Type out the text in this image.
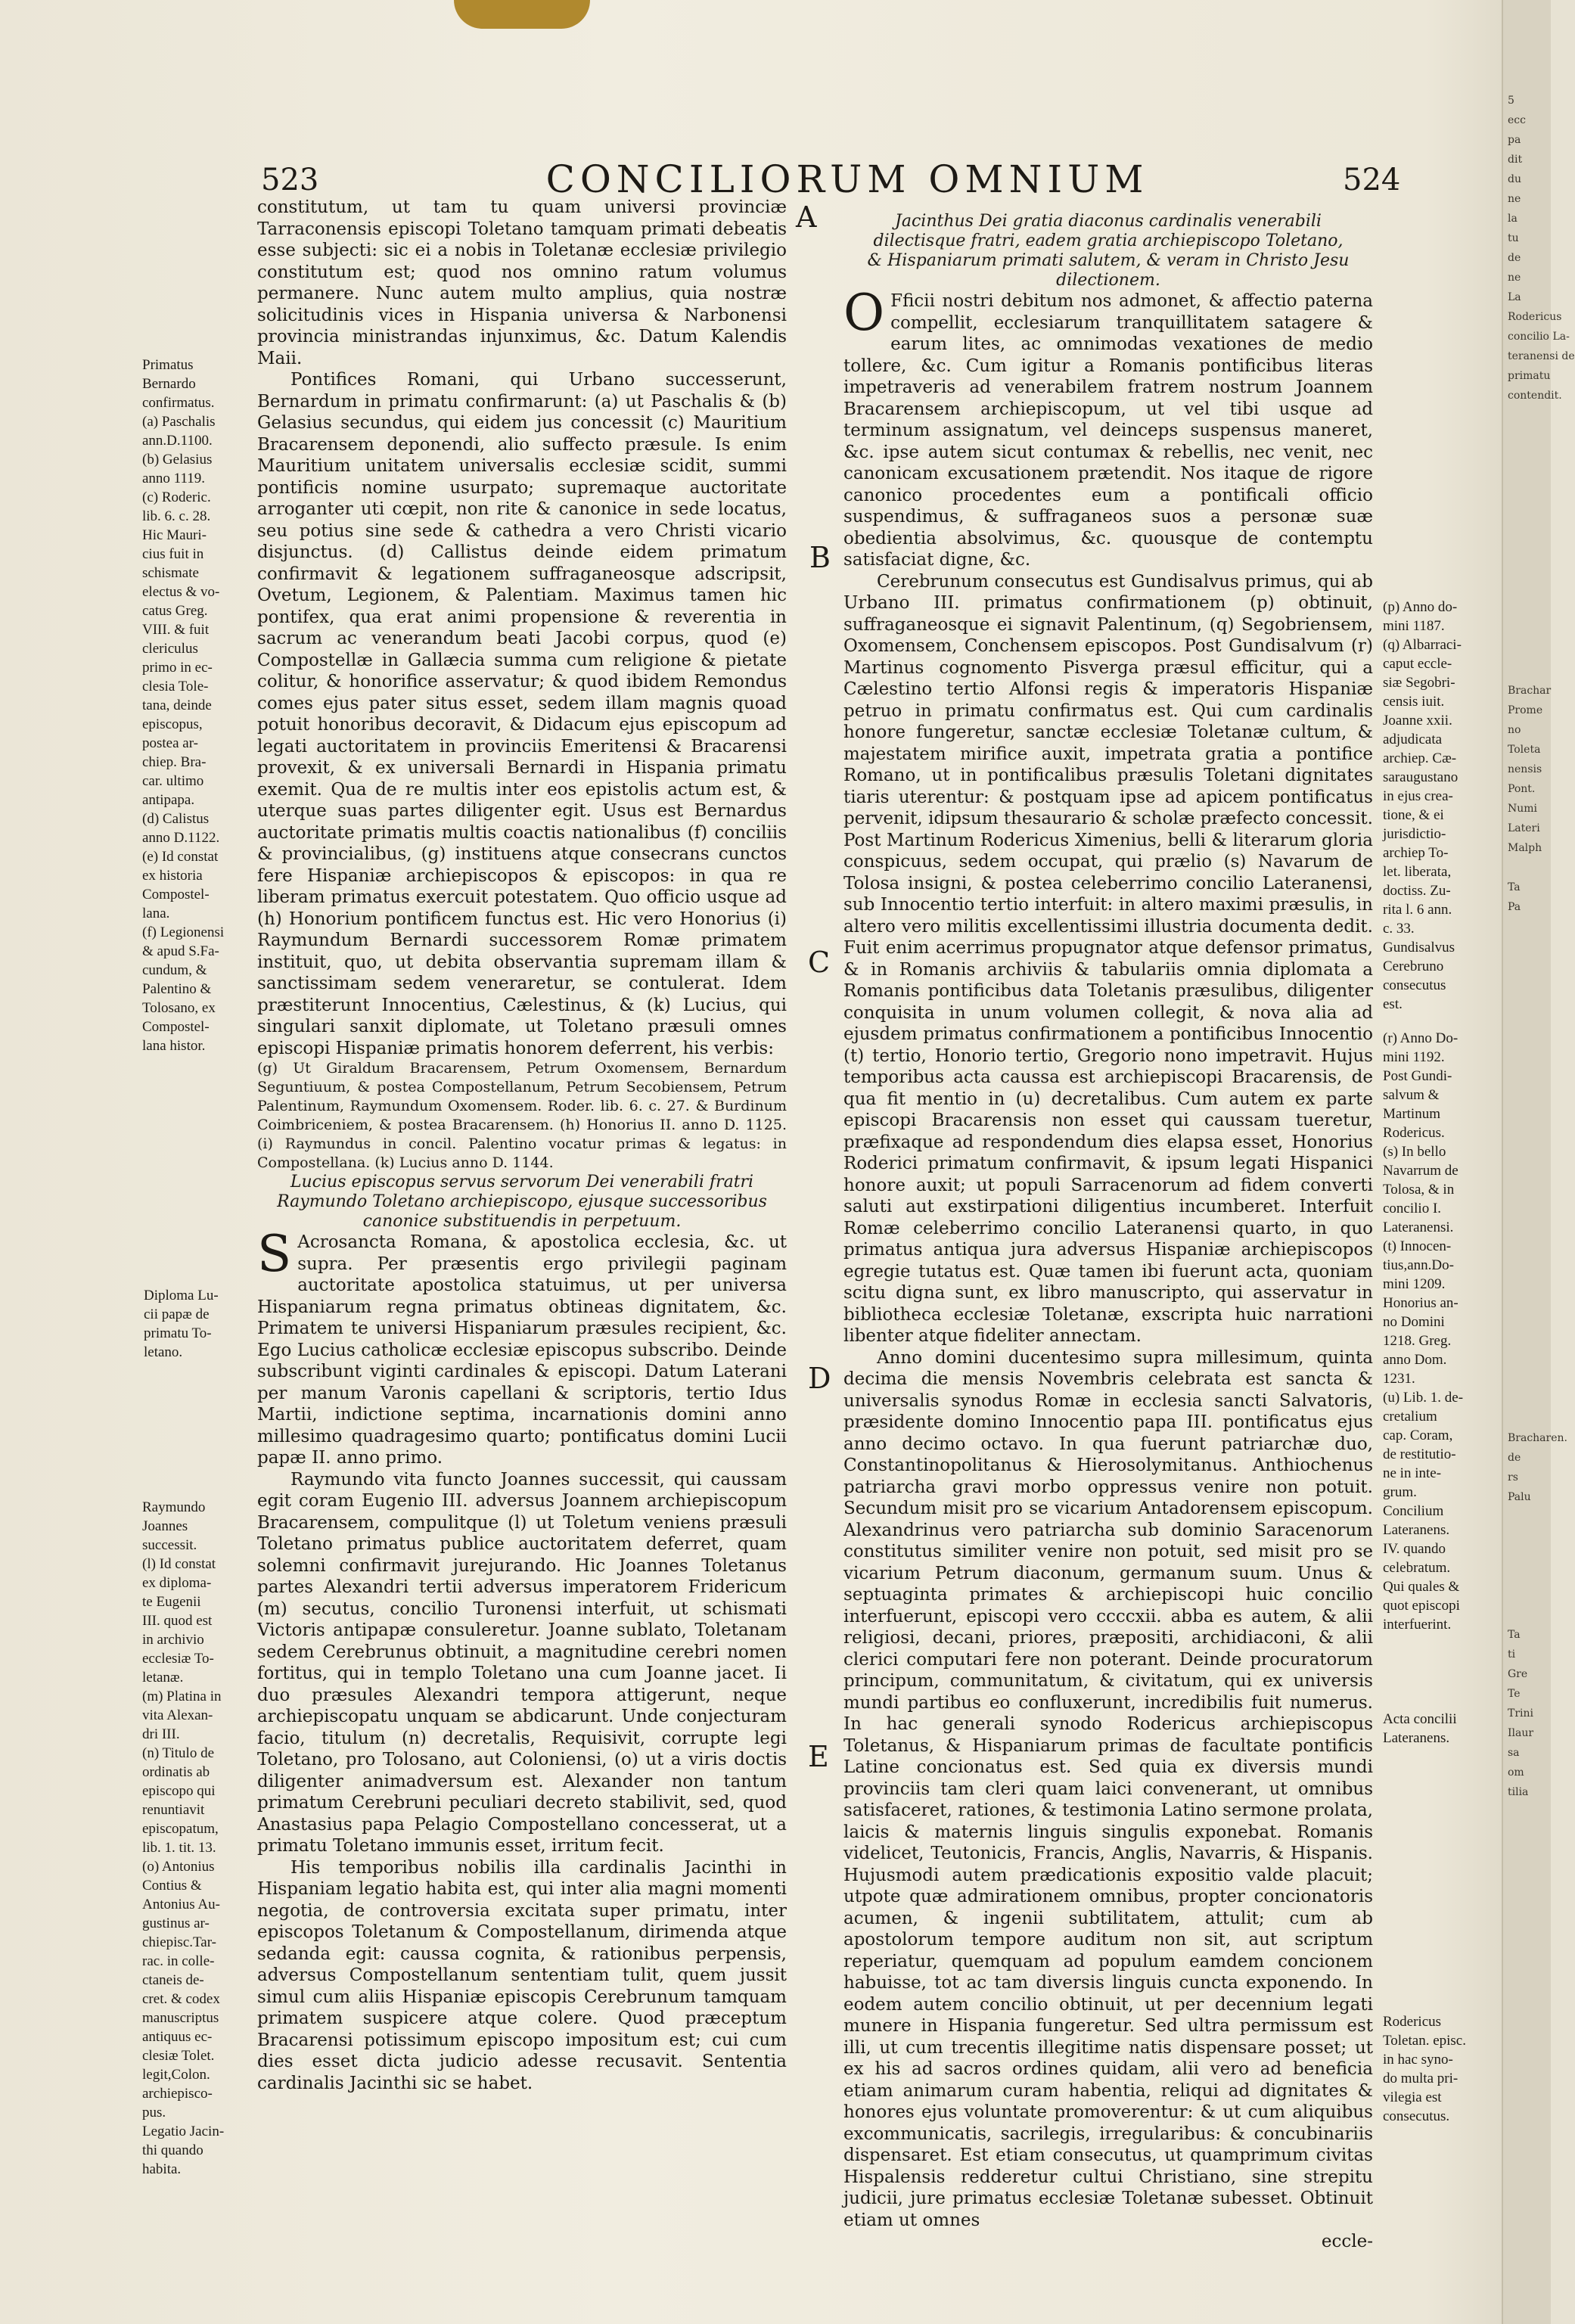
523	CONCILIORUM OMNIUM	524
A
B
C
D
E
Primatus
Bernardo
confirmatus.
(a) Paschalis
ann.D.1100.
(b) Gelasius
anno 1119.
(c) Roderic.
lib. 6. c. 28.
Hic Mauri-
cius fuit in
schismate
electus & vo-
catus Greg.
VIII. & fuit
clericulus
primo in ec-
clesia Tole-
tana, deinde
episcopus,
postea ar-
chiep. Bra-
car. ultimo
antipapa.
(d) Calistus
anno D.1122.
(e) Id constat
ex historia
Compostel-
lana.
(f) Legionensi
& apud S.Fa-
cundum, &
Palentino &
Tolosano, ex
Compostel-
lana histor.
Diploma Lu-
cii papæ de
primatu To-
letano.
Raymundo
Joannes
successit.
(l) Id constat
ex diploma-
te Eugenii
III. quod est
in archivio
ecclesiæ To-
letanæ.
(m) Platina in
vita Alexan-
dri III.
(n) Titulo de
ordinatis ab
episcopo qui
renuntiavit
episcopatum,
lib. 1. tit. 13.
(o) Antonius
Contius &
Antonius Au-
gustinus ar-
chiepisc.Tar-
rac. in colle-
ctaneis de-
cret. & codex
manuscriptus
antiquus ec-
clesiæ Tolet.
legit,Colon.
archiepisco-
pus.
Legatio Jacin-
thi quando
habita.

constitutum, ut tam tu quam universi provinciæ Tarraconensis episcopi Toletano tamquam primati debeatis esse subjecti: sic ei a nobis in Toletanæ ecclesiæ privilegio constitutum est; quod nos omnino ratum volumus permanere. Nunc autem multo amplius, quia nostræ solicitudinis vices in Hispania universa & Narbonensi provincia ministrandas injunximus, &c. Datum Kalendis Maii.

Pontifices Romani, qui Urbano successerunt, Bernardum in primatu confirmarunt: (a) ut Paschalis & (b) Gelasius secundus, qui eidem jus concessit (c) Mauritium Bracarensem deponendi, alio suffecto præsule. Is enim Mauritium unitatem universalis ecclesiæ scidit, summi pontificis nomine usurpato; supremaque auctoritate arroganter uti cœpit, non rite & canonice in sede locatus, seu potius sine sede & cathedra a vero Christi vicario disjunctus. (d) Callistus deinde eidem primatum confirmavit & legationem suffraganeosque adscripsit, Ovetum, Legionem, & Palentiam. Maximus tamen hic pontifex, qua erat animi propensione & reverentia in sacrum ac venerandum beati Jacobi corpus, quod (e) Compostellæ in Gallæcia summa cum religione & pietate colitur, & honorifice asservatur; & quod ibidem Remondus comes ejus pater situs esset, sedem illam magnis quoad potuit honoribus decoravit, & Didacum ejus episcopum ad legati auctoritatem in provinciis Emeritensi & Bracarensi provexit, & ex universali Bernardi in Hispania primatu exemit. Qua de re multis inter eos epistolis actum est, & uterque suas partes diligenter egit. Usus est Bernardus auctoritate primatis multis coactis nationalibus (f) conciliis & provincialibus, (g) instituens atque consecrans cunctos fere Hispaniæ archiepiscopos & episcopos: in qua re liberam primatus exercuit potestatem. Quo officio usque ad (h) Honorium pontificem functus est. Hic vero Honorius (i) Raymundum Bernardi successorem Romæ primatem instituit, quo, ut debita observantia supremam illam & sanctissimam sedem veneraretur, se contulerat. Idem præstiterunt Innocentius, Cælestinus, & (k) Lucius, qui singulari sanxit diplomate, ut Toletano præsuli omnes episcopi Hispaniæ primatis honorem deferrent, his verbis:

(g) Ut Giraldum Bracarensem, Petrum Oxomensem, Bernardum Seguntiuum, & postea Compostellanum, Petrum Secobiensem, Petrum Palentinum, Raymundum Oxomensem. Roder. lib. 6. c. 27. & Burdinum Coimbriceniem, & postea Bracarensem. (h) Honorius II. anno D. 1125. (i) Raymundus in concil. Palentino vocatur primas & legatus: in Compostellana. (k) Lucius anno D. 1144.

Lucius episcopus servus servorum Dei venerabili fratri Raymundo Toletano archiepiscopo, ejusque successoribus

canonice substituendis in perpetuum.

S Acrosancta Romana, & apostolica ecclesia, &c. ut supra. Per præsentis ergo privilegii paginam auctoritate apostolica statuimus, ut per universa Hispaniarum regna primatus obtineas dignitatem, &c. Primatem te universi Hispaniarum præsules recipient, &c. Ego Lucius catholicæ ecclesiæ episcopus subscribo. Deinde subscribunt viginti cardinales & episcopi. Datum Laterani per manum Varonis capellani & scriptoris, tertio Idus Martii, indictione septima, incarnationis domini anno millesimo quadragesimo quarto; pontificatus domini Lucii papæ II. anno primo.

Raymundo vita functo Joannes successit, qui caussam egit coram Eugenio III. adversus Joannem archiepiscopum Bracarensem, compulitque (l) ut Toletum veniens præsuli Toletano primatus publice auctoritatem deferret, quam solemni confirmavit jurejurando. Hic Joannes Toletanus partes Alexandri tertii adversus imperatorem Fridericum (m) secutus, concilio Turonensi interfuit, ut schismati Victoris antipapæ consuleretur. Joanne sublato, Toletanam sedem Cerebrunus obtinuit, a magnitudine cerebri nomen fortitus, qui in templo Toletano una cum Joanne jacet. Ii duo præsules Alexandri tempora attigerunt, neque archiepiscopatu unquam se abdicarunt. Unde conjecturam facio, titulum (n) decretalis, Requisivit, corrupte legi Toletano, pro Tolosano, aut Coloniensi, (o) ut a viris doctis diligenter animadversum est. Alexander non tantum primatum Cerebruni peculiari decreto stabilivit, sed, quod Anastasius papa Pelagio Compostellano concesserat, ut a primatu Toletano immunis esset, irritum fecit.

His temporibus nobilis illa cardinalis Jacinthi in Hispaniam legatio habita est, qui inter alia magni momenti negotia, de controversia excitata super primatu, inter episcopos Toletanum & Compostellanum, dirimenda atque sedanda egit: caussa cognita, & rationibus perpensis, adversus Compostellanum sententiam tulit, quem jussit simul cum aliis Hispaniæ episcopis Cerebrunum tamquam primatem suspicere atque colere. Quod præceptum Bracarensi potissimum episcopo impositum est; cui cum dies esset dicta judicio adesse recusavit. Sententia cardinalis Jacinthi sic se habet.

Jacinthus Dei gratia diaconus cardinalis venerabili dilectisque fratri, eadem gratia archiepiscopo Toletano,

& Hispaniarum primati salutem, & veram in Christo Jesu dilectionem.

O Fficii nostri debitum nos admonet, & affectio paterna compellit, ecclesiarum tranquillitatem satagere & earum lites, ac omnimodas vexationes de medio tollere, &c. Cum igitur a Romanis pontificibus literas impetraveris ad venerabilem fratrem nostrum Joannem Bracarensem archiepiscopum, ut vel tibi usque ad terminum assignatum, vel deinceps suspensus maneret, &c. ipse autem sicut contumax & rebellis, nec venit, nec canonicam excusationem prætendit. Nos itaque de rigore canonico procedentes eum a pontificali officio suspendimus, & suffraganeos suos a personæ suæ obedientia absolvimus, &c. quousque de contemptu satisfaciat digne, &c.

Cerebrunum consecutus est Gundisalvus primus, qui ab Urbano III. primatus confirmationem (p) obtinuit, suffraganeosque ei signavit Palentinum, (q) Segobriensem, Oxomensem, Conchensem episcopos. Post Gundisalvum (r) Martinus cognomento Pisverga præsul efficitur, qui a Cælestino tertio Alfonsi regis & imperatoris Hispaniæ petruo in primatu confirmatus est. Qui cum cardinalis honore fungeretur, sanctæ ecclesiæ Toletanæ cultum, & majestatem mirifice auxit, impetrata gratia a pontifice Romano, ut in pontificalibus præsulis Toletani dignitates tiaris uterentur: & postquam ipse ad apicem pontificatus pervenit, idipsum thesaurario & scholæ præfecto concessit. Post Martinum Rodericus Ximenius, belli & literarum gloria conspicuus, sedem occupat, qui prælio (s) Navarum de Tolosa insigni, & postea celeberrimo concilio Lateranensi, sub Innocentio tertio interfuit: in altero maximi præsulis, in altero vero militis excellentissimi illustria documenta dedit. Fuit enim acerrimus propugnator atque defensor primatus, & in Romanis archiviis & tabulariis omnia diplomata a Romanis pontificibus data Toletanis præsulibus, diligenter conquisita in unum volumen collegit, & nova alia ad ejusdem primatus confirmationem a pontificibus Innocentio (t) tertio, Honorio tertio, Gregorio nono impetravit. Hujus temporibus acta caussa est archiepiscopi Bracarensis, de qua fit mentio in (u) decretalibus. Cum autem ex parte episcopi Bracarensis non esset qui caussam tueretur, præfixaque ad respondendum dies elapsa esset, Honorius Roderici primatum confirmavit, & ipsum legati Hispanici honore auxit; ut populi Sarracenorum ad fidem converti saluti aut exstirpationi diligentius incumberet. Interfuit Romæ celeberrimo concilio Lateranensi quarto, in quo primatus antiqua jura adversus Hispaniæ archiepiscopos egregie tutatus est. Quæ tamen ibi fuerunt acta, quoniam scitu digna sunt, ex libro manuscripto, qui asservatur in bibliotheca ecclesiæ Toletanæ, exscripta huic narrationi libenter atque fideliter annectam.

Anno domini ducentesimo supra millesimum, quinta decima die mensis Novembris celebrata est sancta & universalis synodus Romæ in ecclesia sancti Salvatoris, præsidente domino Innocentio papa III. pontificatus ejus anno decimo octavo. In qua fuerunt patriarchæ duo, Constantinopolitanus & Hierosolymitanus. Anthiochenus patriarcha gravi morbo oppressus venire non potuit. Secundum misit pro se vicarium Antadorensem episcopum. Alexandrinus vero patriarcha sub dominio Saracenorum constitutus similiter venire non potuit, sed misit pro se vicarium Petrum diaconum, germanum suum. Unus & septuaginta primates & archiepiscopi huic concilio interfuerunt, episcopi vero ccccxii. abba es autem, & alii religiosi, decani, priores, præpositi, archidiaconi, & alii clerici computari fere non poterant. Deinde procuratorum principum, communitatum, & civitatum, qui ex universis mundi partibus eo confluxerunt, incredibilis fuit numerus. In hac generali synodo Rodericus archiepiscopus Toletanus, & Hispaniarum primas de facultate pontificis Latine concionatus est. Sed quia ex diversis mundi provinciis tam cleri quam laici convenerant, ut omnibus satisfaceret, rationes, & testimonia Latino sermone prolata, laicis & maternis linguis singulis exponebat. Romanis videlicet, Teutonicis, Francis, Anglis, Navarris, & Hispanis. Hujusmodi autem prædicationis expositio valde placuit; utpote quæ admirationem omnibus, propter concionatoris acumen, & ingenii subtilitatem, attulit; cum ab apostolorum tempore auditum non sit, aut scriptum reperiatur, quemquam ad populum eamdem concionem habuisse, tot ac tam diversis linguis cuncta exponendo. In eodem autem concilio obtinuit, ut per decennium legati munere in Hispania fungeretur. Sed ultra permissum est illi, ut cum trecentis illegitime natis dispensare posset; ut ex his ad sacros ordines quidam, alii vero ad beneficia etiam animarum curam habentia, reliqui ad dignitates & honores ejus voluntate promoverentur: & ut cum aliquibus excommunicatis, sacrilegis, irregularibus: & concubinariis dispensaret. Est etiam consecutus, ut quamprimum civitas Hispalensis redderetur cultui Christiano, sine strepitu judicii, jure primatus ecclesiæ Toletanæ subesset. Obtinuit etiam ut omnes

eccle-

(p) Anno do-
mini 1187.
(q) Albarraci-
caput eccle-
siæ Segobri-
censis iuit.
Joanne xxii.
adjudicata
archiep. Cæ-
saraugustano
in ejus crea-
tione, & ei
jurisdictio-
archiep To-
let. liberata,
doctiss. Zu-
rita l. 6 ann.
c. 33.
Gundisalvus
Cerebruno
consecutus
est.
(r) Anno Do-
mini 1192.
Post Gundi-
salvum &
Martinum
Rodericus.
(s) In bello
Navarrum de
Tolosa, & in
concilio I.
Lateranensi.
(t) Innocen-
tius,ann.Do-
mini 1209.
Honorius an-
no Domini
1218. Greg.
anno Dom.
1231.
(u) Lib. 1. de-
cretalium
cap. Coram,
de restitutio-
ne in inte-
grum.
Concilium
Lateranens.
IV. quando
celebratum.
Qui quales &
quot episcopi
interfuerint.
Acta concilii
Lateranens.
Rodericus
Toletan. episc.
in hac syno-
do multa pri-
vilegia est
consecutus.
5
ecc
pa
dit
du
ne
la
tu
de
ne
La
Rodericus
concilio La-
teranensi de
primatu
contendit.

Brachar
Prome
no
Toleta
nensis
Pont.
Numi
Lateri
Malph

Ta
Pa

Bracharen.
de
rs
Palu

Ta
ti
Gre
Te
Trini
Ilaur
sa
om
tilia
